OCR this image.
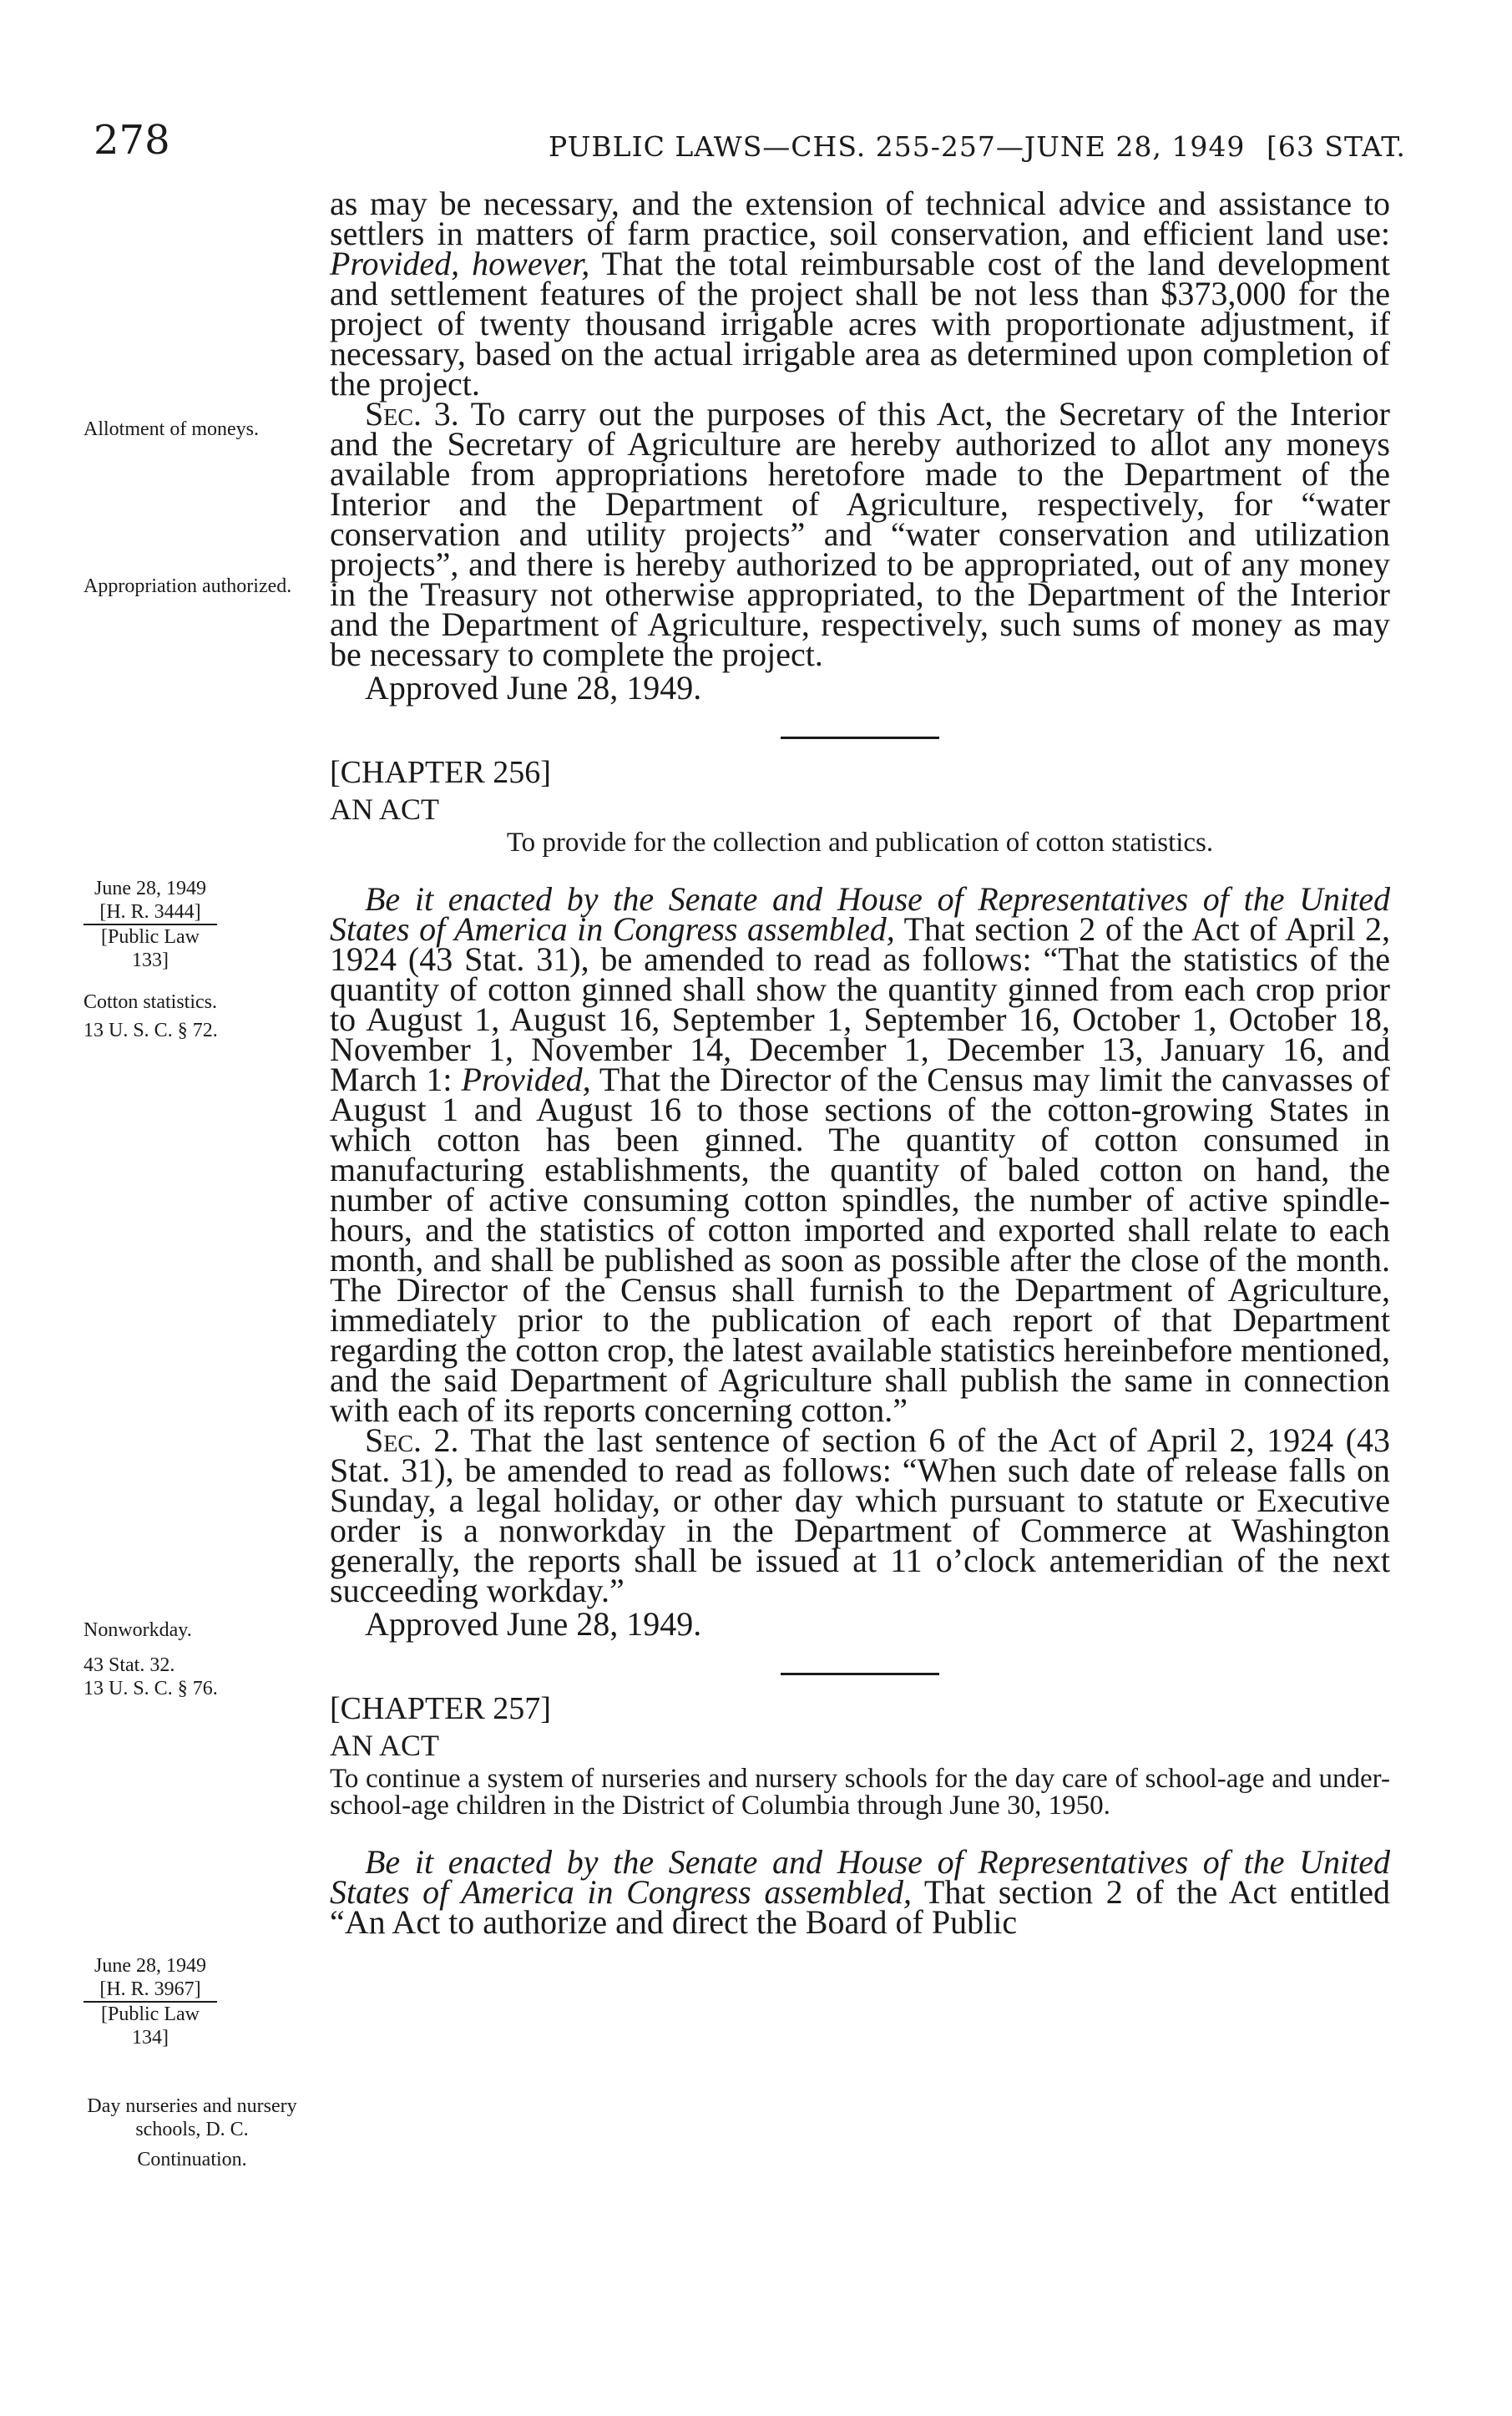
278	PUBLIC LAWS—CHS. 255-257—JUNE 28, 1949 [63 STAT.
Allotment of moneys.
Appropriation authorized.
June 28, 1949
[H. R. 3444]
[Public Law 133]
Cotton statistics.
13 U. S. C. § 72.
Nonworkday.
43 Stat. 32.
13 U. S. C. § 76.
June 28, 1949
[H. R. 3967]
[Public Law 134]
Day nurseries and nursery schools, D. C.
Continuation.

as may be necessary, and the extension of technical advice and assistance to settlers in matters of farm practice, soil conservation, and efficient land use: Provided, however, That the total reimbursable cost of the land development and settlement features of the project shall be not less than $373,000 for the project of twenty thousand irrigable acres with proportionate adjustment, if necessary, based on the actual irrigable area as determined upon completion of the project.

Sec. 3. To carry out the purposes of this Act, the Secretary of the Interior and the Secretary of Agriculture are hereby authorized to allot any moneys available from appropriations heretofore made to the Department of the Interior and the Department of Agriculture, respectively, for “water conservation and utility projects” and “water conservation and utilization projects”, and there is hereby authorized to be appropriated, out of any money in the Treasury not otherwise appropriated, to the Department of the Interior and the Department of Agriculture, respectively, such sums of money as may be necessary to complete the project.

Approved June 28, 1949.

[CHAPTER 256]

AN ACT

To provide for the collection and publication of cotton statistics.

Be it enacted by the Senate and House of Representatives of the United States of America in Congress assembled, That section 2 of the Act of April 2, 1924 (43 Stat. 31), be amended to read as follows: “That the statistics of the quantity of cotton ginned shall show the quantity ginned from each crop prior to August 1, August 16, September 1, September 16, October 1, October 18, November 1, November 14, December 1, December 13, January 16, and March 1: Provided, That the Director of the Census may limit the canvasses of August 1 and August 16 to those sections of the cotton-growing States in which cotton has been ginned. The quantity of cotton consumed in manufacturing establishments, the quantity of baled cotton on hand, the number of active consuming cotton spindles, the number of active spindle-hours, and the statistics of cotton imported and exported shall relate to each month, and shall be published as soon as possible after the close of the month. The Director of the Census shall furnish to the Department of Agriculture, immediately prior to the publication of each report of that Department regarding the cotton crop, the latest available statistics hereinbefore mentioned, and the said Department of Agriculture shall publish the same in connection with each of its reports concerning cotton.”

Sec. 2. That the last sentence of section 6 of the Act of April 2, 1924 (43 Stat. 31), be amended to read as follows: “When such date of release falls on Sunday, a legal holiday, or other day which pursuant to statute or Executive order is a nonworkday in the Department of Commerce at Washington generally, the reports shall be issued at 11 o’clock antemeridian of the next succeeding workday.”

Approved June 28, 1949.

[CHAPTER 257]

AN ACT

To continue a system of nurseries and nursery schools for the day care of school-age and under-school-age children in the District of Columbia through June 30, 1950.

Be it enacted by the Senate and House of Representatives of the United States of America in Congress assembled, That section 2 of the Act entitled “An Act to authorize and direct the Board of Public
